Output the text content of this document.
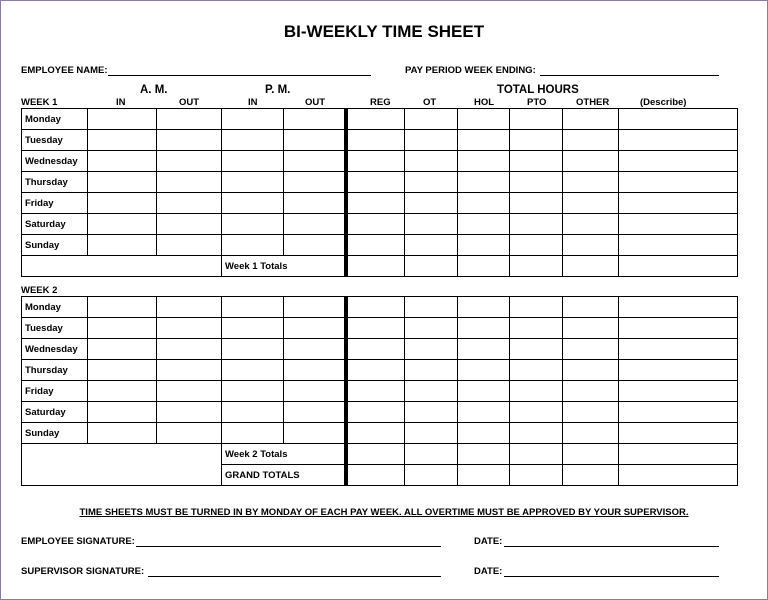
BI-WEEKLY TIME SHEET
EMPLOYEE NAME:	PAY PERIOD WEEK ENDING:
A. M.	P. M.	TOTAL HOURS
WEEK 1	IN	OUT	IN	OUT	REG	OT	HOL	PTO	OTHER	(Describe)
Monday										
Tuesday										
Wednesday										
Thursday										
Friday										
Saturday										
Sunday										
			Week 1 Totals							
WEEK 2
Monday										
Tuesday										
Wednesday										
Thursday										
Friday										
Saturday										
Sunday										
			Week 2 Totals							
			GRAND TOTALS							
TIME SHEETS MUST BE TURNED IN BY MONDAY OF EACH PAY WEEK. ALL OVERTIME MUST BE APPROVED BY YOUR SUPERVISOR.
EMPLOYEE SIGNATURE:	DATE:
SUPERVISOR SIGNATURE:	DATE:
